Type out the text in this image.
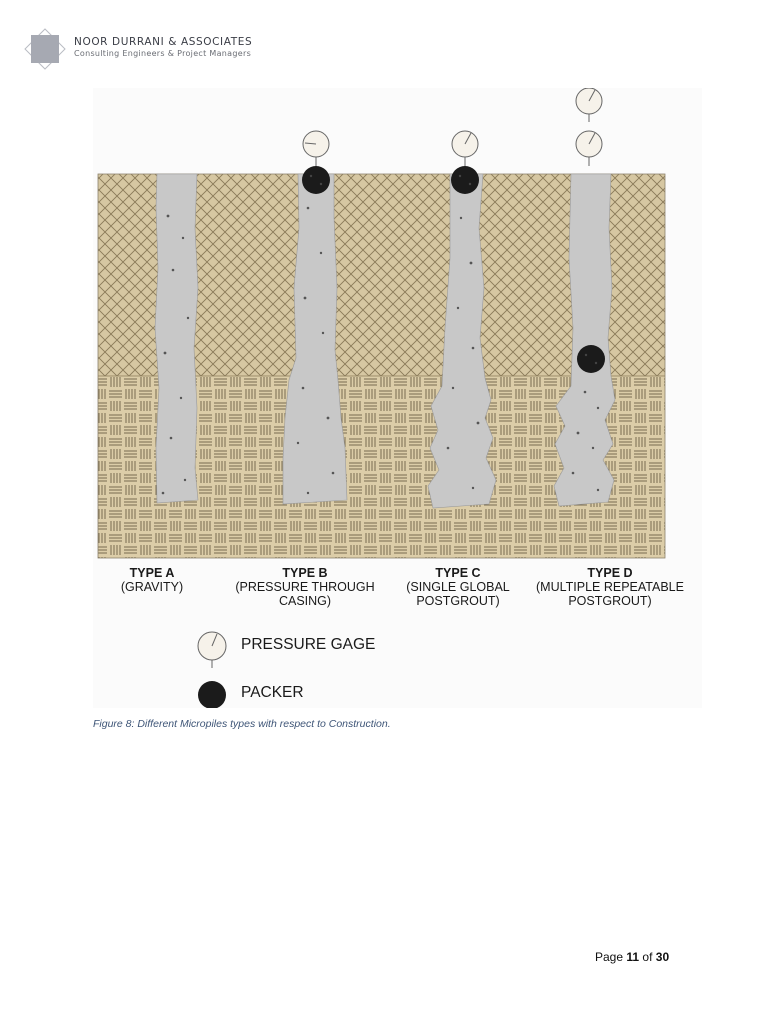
NOOR DURRANI & ASSOCIATES
Consulting Engineers & Project Managers
TYPE A
(GRAVITY)
TYPE B
(PRESSURE THROUGH
CASING)
TYPE C
(SINGLE GLOBAL
POSTGROUT)
TYPE D
(MULTIPLE REPEATABLE
POSTGROUT)
PRESSURE GAGE
PACKER
Figure 8: Different Micropiles types with respect to Construction.
Page 11 of 30
